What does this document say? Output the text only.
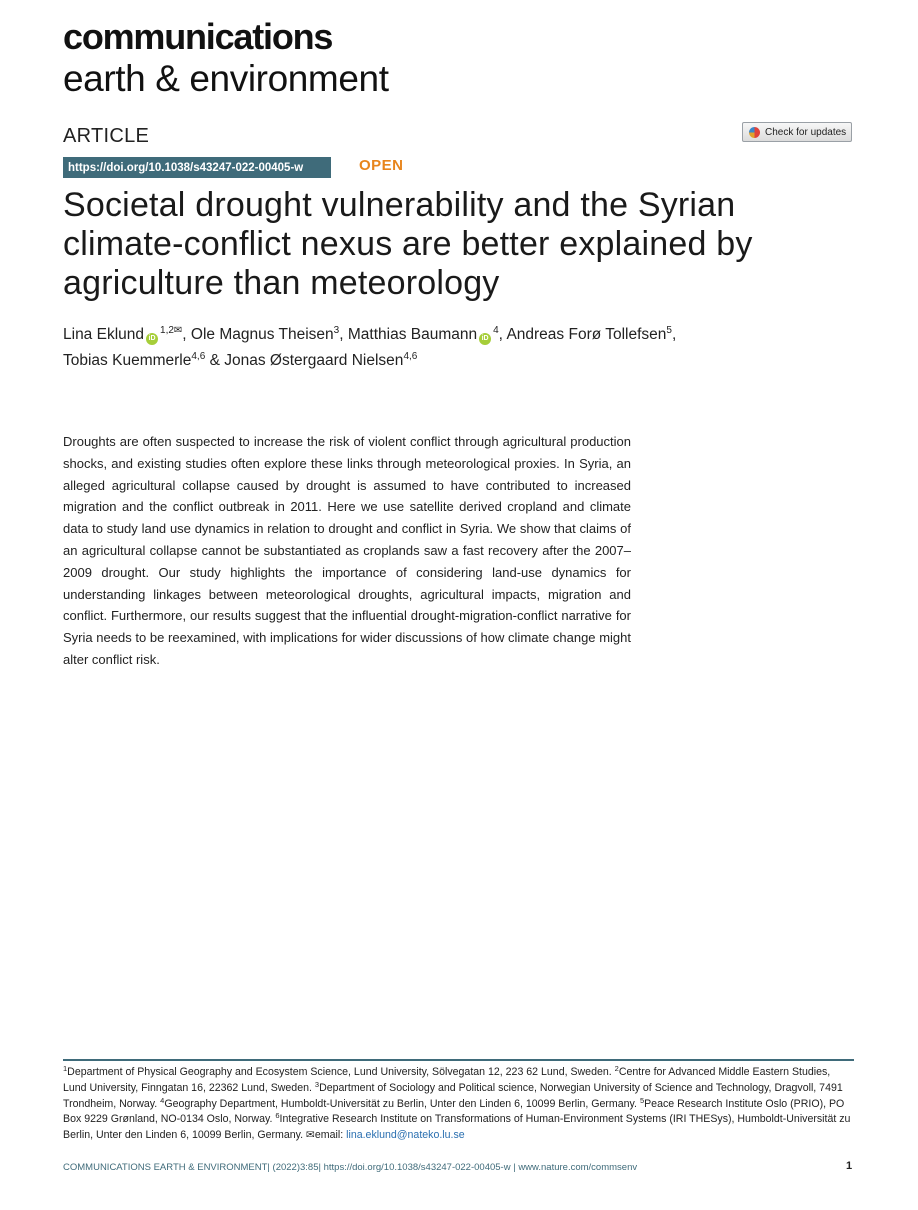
communications
earth & environment
ARTICLE	Check for updates
https://doi.org/10.1038/s43247-022-00405-w	OPEN
Societal drought vulnerability and the Syrian climate-conflict nexus are better explained by agriculture than meteorology
Lina Eklund $iD^{1,2✉}$, Ole Magnus Theisen$^3$, Matthias Baumann $iD^4$, Andreas Forø Tollefsen$^5$,
Tobias Kuemmerle$^{4,6}$ & Jonas Østergaard Nielsen$^{4,6}$

Droughts are often suspected to increase the risk of violent conflict through agricultural production shocks, and existing studies often explore these links through meteorological proxies. In Syria, an alleged agricultural collapse caused by drought is assumed to have contributed to increased migration and the conflict outbreak in 2011. Here we use satellite derived cropland and climate data to study land use dynamics in relation to drought and conflict in Syria. We show that claims of an agricultural collapse cannot be substantiated as croplands saw a fast recovery after the 2007–2009 drought. Our study highlights the importance of considering land-use dynamics for understanding linkages between meteorological droughts, agricultural impacts, migration and conflict. Furthermore, our results suggest that the influential drought-migration-conflict narrative for Syria needs to be reexamined, with implications for wider discussions of how climate change might alter conflict risk.

$^1$Department of Physical Geography and Ecosystem Science, Lund University, Sölvegatan 12, 223 62 Lund, Sweden. $^2$Centre for Advanced Middle Eastern Studies, Lund University, Finngatan 16, 22362 Lund, Sweden. $^3$Department of Sociology and Political science, Norwegian University of Science and Technology, Dragvoll, 7491 Trondheim, Norway. $^4$Geography Department, Humboldt-Universität zu Berlin, Unter den Linden 6, 10099 Berlin, Germany. $^5$Peace Research Institute Oslo (PRIO), PO Box 9229 Grønland, NO-0134 Oslo, Norway. $^6$Integrative Research Institute on Transformations of Human-Environment Systems (IRI THESys), Humboldt-Universität zu Berlin, Unter den Linden 6, 10099 Berlin, Germany. ✉email: lina.eklund@nateko.lu.se
COMMUNICATIONS EARTH & ENVIRONMENT| (2022)3:85| https://doi.org/10.1038/s43247-022-00405-w | www.nature.com/commsenv	1
